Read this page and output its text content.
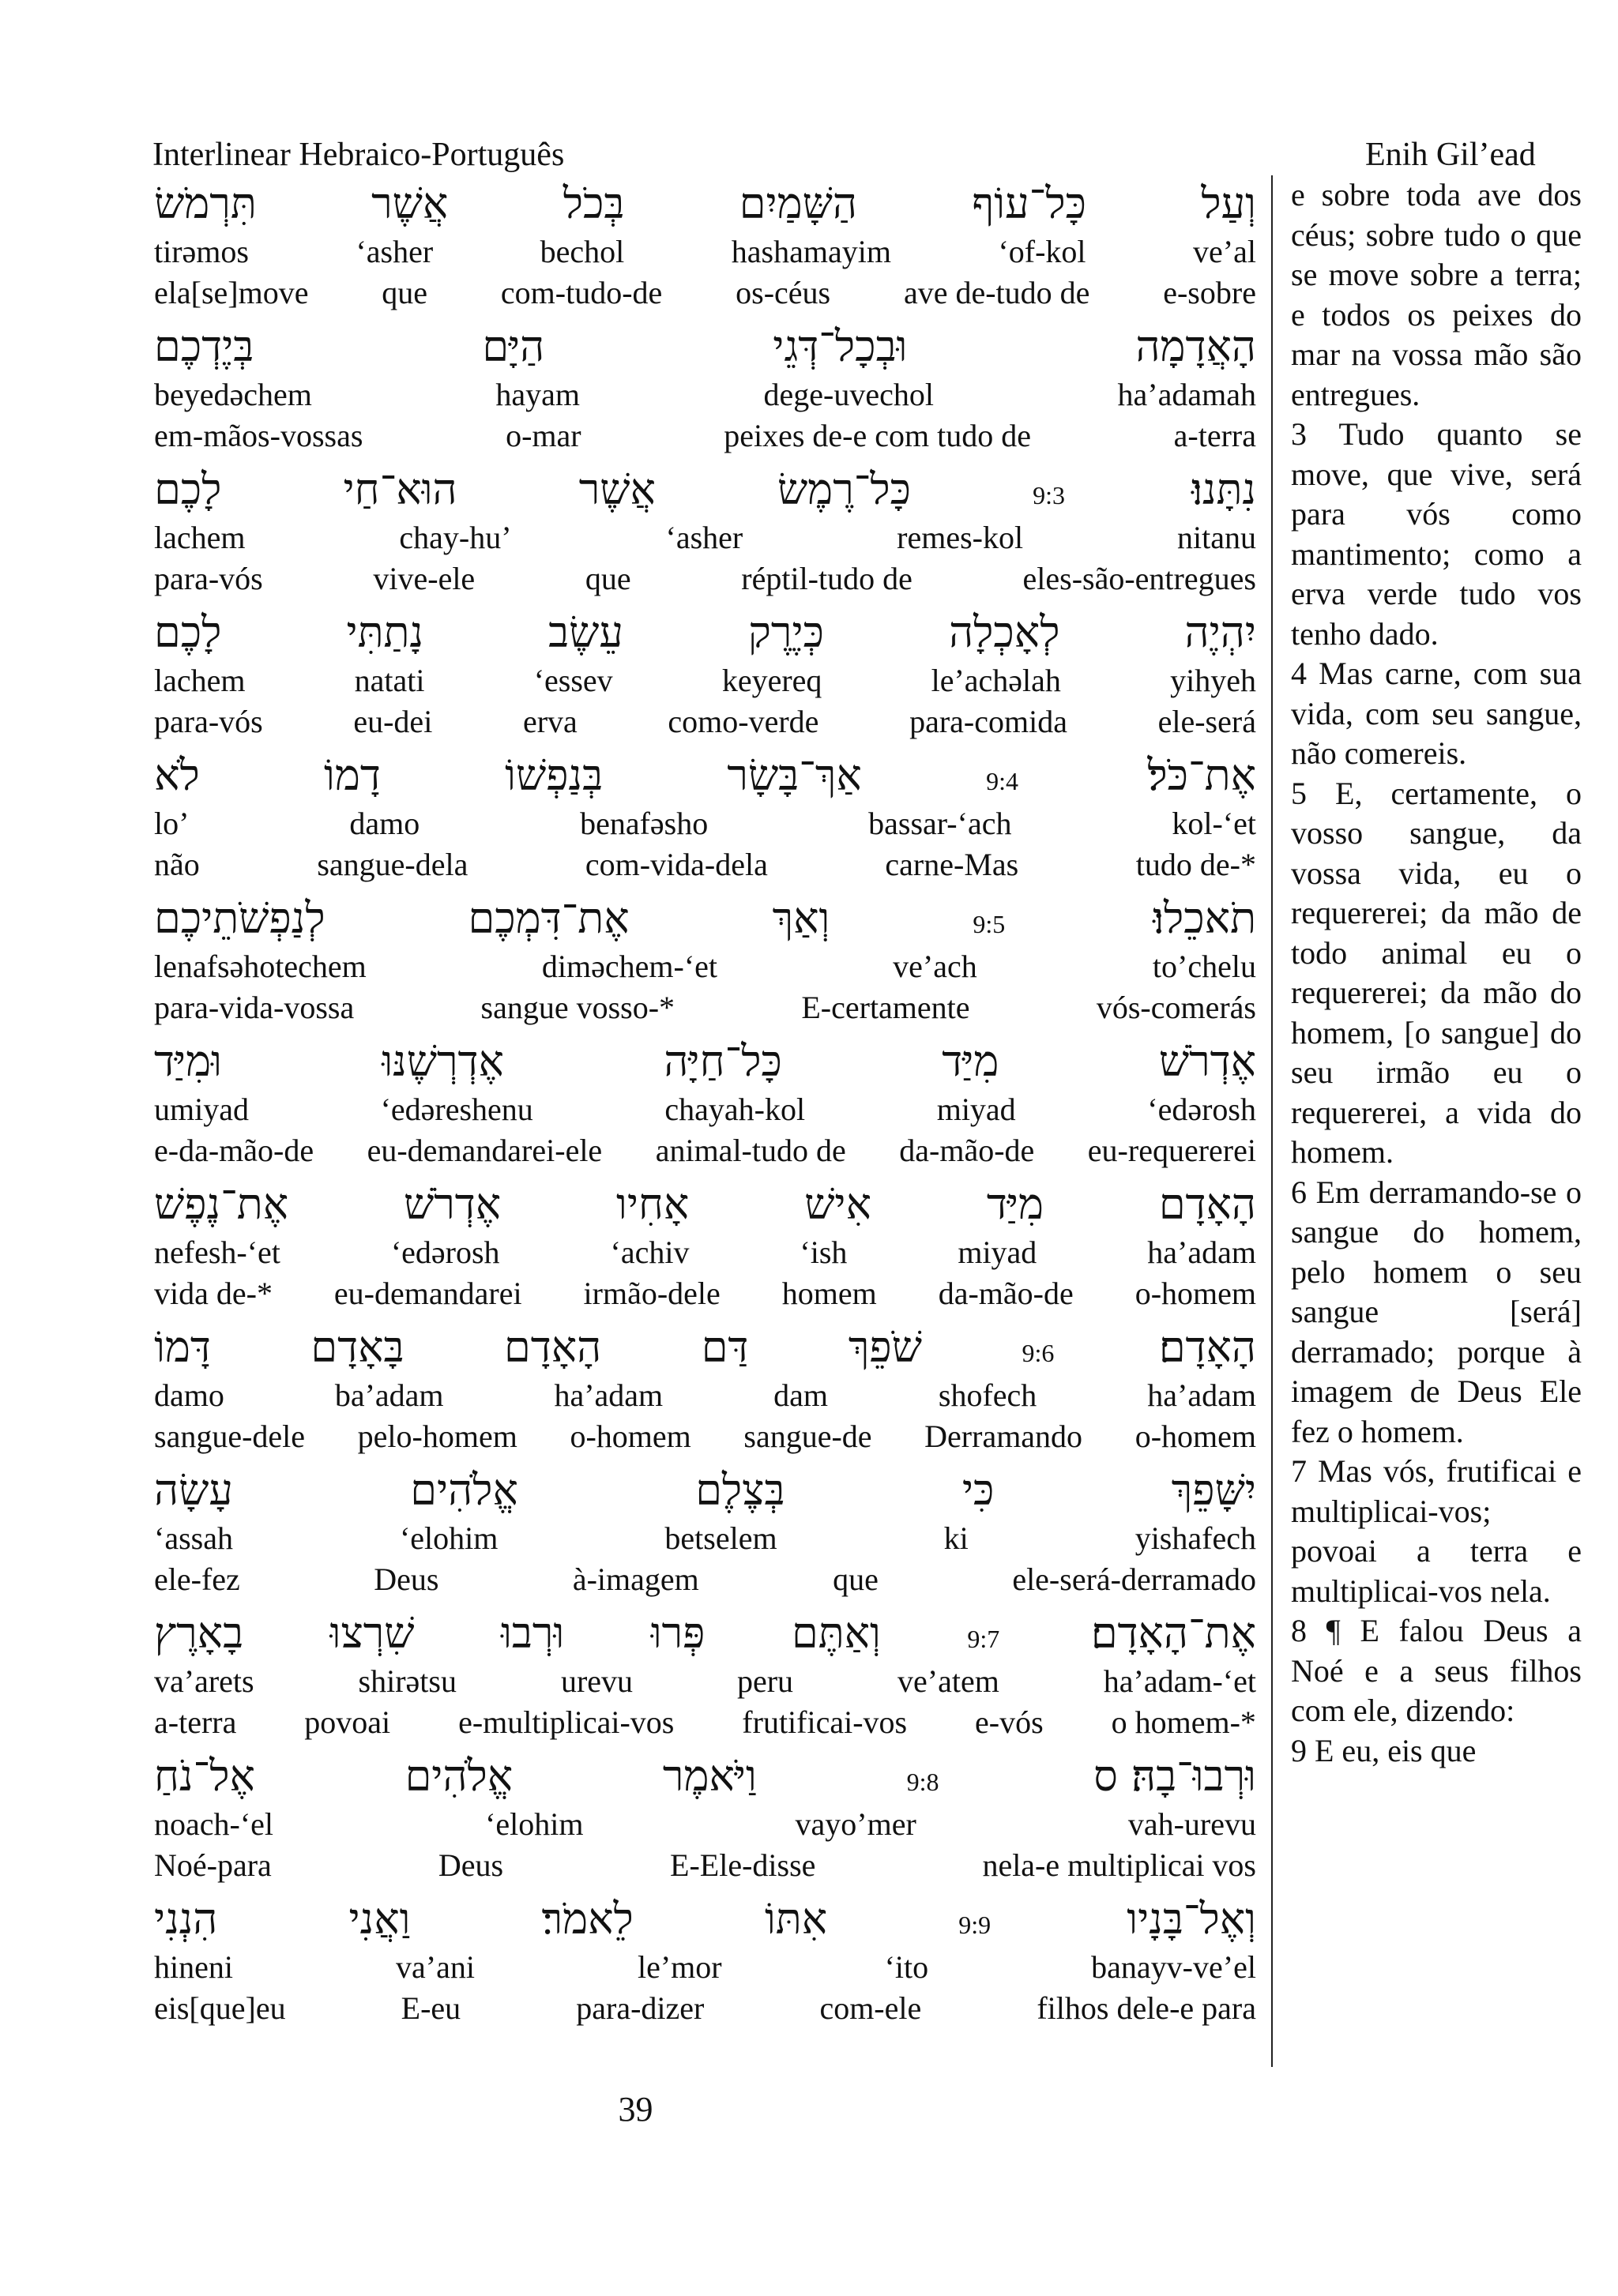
Interlinear Hebraico-Português	Enih Gil’ead
וְעַל
כָּל־עוֹף
הַשָּׁמַיִם
בְּכֹל
אֲשֶׁר
תִּרְמֹשׂ
ve’al
‘of-kol
hashamayim
bechol
‘asher
tirəmos
e-sobre
ave de-tudo de
os-céus
com-tudo-de
que
ela[se]move
הָאֲדָמָה
וּבְכָל־דְּגֵי
הַיָּם
בְּיֶדְכֶם
ha’adamah
dege-uvechol
hayam
beyedəchem
a-terra
peixes de-e com tudo de
o-mar
em-mãos-vossas
נִתָּנוּ׃
9:3
כָּל־רֶמֶשׂ
אֲשֶׁר
הוּא־חַי
לָכֶם
nitanu
remes-kol
‘asher
chay-hu’
lachem
eles-são-entregues
réptil-tudo de
que
vive-ele
para-vós
יִהְיֶה
לְאָכְלָה
כְּיֶרֶק
עֵשֶׂב
נָתַתִּי
לָכֶם
yihyeh
le’achəlah
keyereq
‘essev
natati
lachem
ele-será
para-comida
como-verde
erva
eu-dei
para-vós
אֶת־כֹּל׃
9:4
אַךְ־בָּשָׂר
בְּנַפְשׁוֹ
דָמוֹ
לֹא
kol-‘et
bassar-‘ach
benafəsho
damo
lo’
tudo de-*
carne-Mas
com-vida-dela
sangue-dela
não
תֹאכֵלוּ׃
9:5
וְאַךְ
אֶת־דִּמְכֶם
לְנַפְשֹׁתֵיכֶם
to’chelu
ve’ach
dimәchem-‘et
lenafsəhotechem
vós-comerás
E-certamente
sangue vosso-*
para-vida-vossa
אֶדְרֹשׁ
מִיַּד
כָּל־חַיָּה
אֶדְרְשֶׁנּוּ
וּמִיַּד
‘edərosh
miyad
chayah-kol
‘edəreshenu
umiyad
eu-requererei
da-mão-de
animal-tudo de
eu-demandarei-ele
e-da-mão-de
הָאָדָם
מִיַּד
אִישׁ
אָחִיו
אֶדְרֹשׁ
אֶת־נֶפֶשׁ
ha’adam
miyad
‘ish
‘achiv
‘edərosh
nefesh-‘et
o-homem
da-mão-de
homem
irmão-dele
eu-demandarei
vida de-*
הָאָדָם׃
9:6
שֹׁפֵךְ
דַּם
הָאָדָם
בָּאָדָם
דָּמוֹ
ha’adam
shofech
dam
ha’adam
ba’adam
damo
o-homem
Derramando
sangue-de
o-homem
pelo-homem
sangue-dele
יִשָּׁפֵךְ
כִּי
בְּצֶלֶם
אֱלֹהִים
עָשָׂה
yishafech
ki
betselem
‘elohim
‘assah
ele-será-derramado
que
à-imagem
Deus
ele-fez
אֶת־הָאָדָם׃
9:7
וְאַתֶּם
פְּרוּ
וּרְבוּ
שִׁרְצוּ
בָאָרֶץ
ha’adam-‘et
ve’atem
peru
urevu
shirətsu
va’arets
o homem-*
e-vós
frutificai-vos
e-multiplicai-vos
povoai
a-terra
וּרְבוּ־בָהּ׃ ס
9:8
וַיֹּאמֶר
אֱלֹהִים
אֶל־נֹחַ
vah-urevu
vayo’mer
‘elohim
noach-‘el
nela-e multiplicai vos
E-Ele-disse
Deus
Noé-para
וְאֶל־בָּנָיו
9:9
אִתּוֹ
לֵאמֹר׃
וַאֲנִי
הִנְנִי
banayv-ve’el
‘ito
le’mor
va’ani
hineni
filhos dele-e para
com-ele
para-dizer
E-eu
eis[que]eu

e sobre toda ave dos céus; sobre tudo o que se move sobre a terra; e todos os peixes do mar na vossa mão são entregues.

3 Tudo quanto se move, que vive, será para vós como mantimento; como a erva verde tudo vos tenho dado.

4 Mas carne, com sua vida, com seu sangue, não comereis.

5 E, certamente, o vosso sangue, da vossa vida, eu o requererei; da mão de todo animal eu o requererei; da mão do homem, [o sangue] do seu irmão eu o requererei, a vida do homem.

6 Em derramando-se o sangue do homem, pelo homem o seu sangue [será] derramado; porque à imagem de Deus Ele fez o homem.

7 Mas vós, frutificai e multiplicai-vos; povoai a terra e multiplicai-vos nela.

8 ¶ E falou Deus a Noé e a seus filhos com ele, dizendo:

9 E eu, eis que

39
